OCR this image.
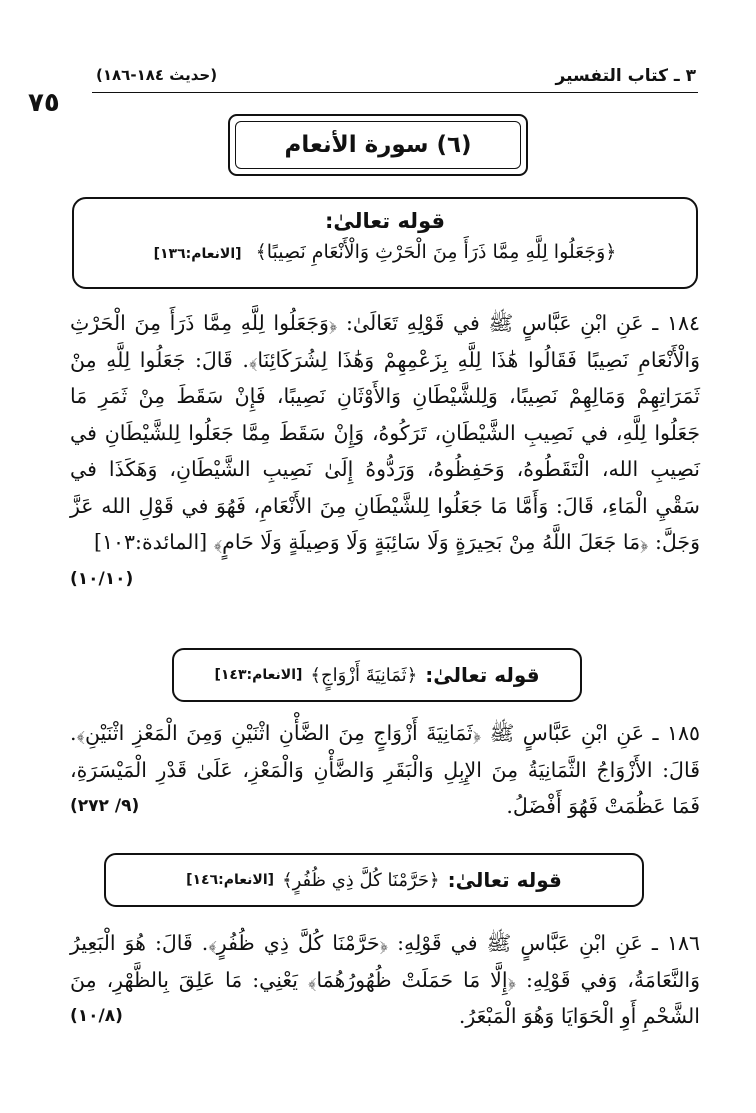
٣ ـ كتاب التفسير
(حديث ١٨٤-١٨٦)
٧٥
(٦) سورة الأنعام
قوله تعالىٰ:
﴿وَجَعَلُوا لِلَّهِ مِمَّا ذَرَأَ مِنَ الْحَرْثِ وَالْأَنْعَامِ نَصِيبًا﴾ [الانعام:١٣٦]

١٨٤ ـ عَنِ ابْنِ عَبَّاسٍ ﷺ في قَوْلِهِ تَعَالَىٰ: ﴿وَجَعَلُوا لِلَّهِ مِمَّا ذَرَأَ مِنَ الْحَرْثِ وَالْأَنْعَامِ نَصِيبًا فَقَالُوا هَٰذَا لِلَّهِ بِزَعْمِهِمْ وَهَٰذَا لِشُرَكَائِنَا﴾. قَالَ: جَعَلُوا لِلَّهِ مِنْ ثَمَرَاتِهِمْ وَمَالِهِمْ نَصِيبًا، وَلِلشَّيْطَانِ وَالأَوْثَانِ نَصِيبًا، فَإِنْ سَقَطَ مِنْ ثَمَرِ مَا جَعَلُوا لِلَّهِ، في نَصِيبِ الشَّيْطَانِ، تَرَكُوهُ، وَإِنْ سَقَطَ مِمَّا جَعَلُوا لِلشَّيْطَانِ في نَصِيبِ الله، الْتَقَطُوهُ، وَحَفِظُوهُ، وَرَدُّوهُ إِلَىٰ نَصِيبِ الشَّيْطَانِ، وَهَكَذَا في سَقْيِ الْمَاءِ، قَالَ: وَأَمَّا مَا جَعَلُوا لِلشَّيْطَانِ مِنَ الأَنْعَامِ، فَهُوَ في قَوْلِ الله عَزَّ وَجَلَّ: ﴿مَا جَعَلَ اللَّهُ مِنْ بَحِيرَةٍ وَلَا سَائِبَةٍ وَلَا وَصِيلَةٍ وَلَا حَامٍ﴾ [المائدة:١٠٣]
(١٠/١٠)

قوله تعالىٰ:
﴿ثَمَانِيَةَ أَزْوَاجٍ﴾
[الانعام:١٤٣]

١٨٥ ـ عَنِ ابْنِ عَبَّاسٍ ﷺ ﴿ثَمَانِيَةَ أَزْوَاجٍ مِنَ الضَّأْنِ اثْنَيْنِ وَمِنَ الْمَعْزِ اثْنَيْنِ﴾. قَالَ: الأَزْوَاجُ الثَّمَانِيَةُ مِنَ الإِبِلِ وَالْبَقَرِ وَالضَّأْنِ وَالْمَعْزِ، عَلَىٰ قَدْرِ الْمَيْسَرَةِ، فَمَا عَظُمَتْ فَهُوَ أَفْضَلُ.
(٩/ ٢٧٢)

قوله تعالىٰ:
﴿حَرَّمْنَا كُلَّ ذِي ظُفُرٍ﴾
[الانعام:١٤٦]

١٨٦ ـ عَنِ ابْنِ عَبَّاسٍ ﷺ في قَوْلِهِ: ﴿حَرَّمْنَا كُلَّ ذِي ظُفُرٍ﴾. قَالَ: هُوَ الْبَعِيرُ وَالنَّعَامَةُ، وَفي قَوْلِهِ: ﴿إِلَّا مَا حَمَلَتْ ظُهُورُهُمَا﴾ يَعْنِي: مَا عَلِقَ بِالظَّهْرِ، مِنَ الشَّحْمِ أَوِ الْحَوَايَا وَهُوَ الْمَبْعَرُ.
(١٠/٨)
